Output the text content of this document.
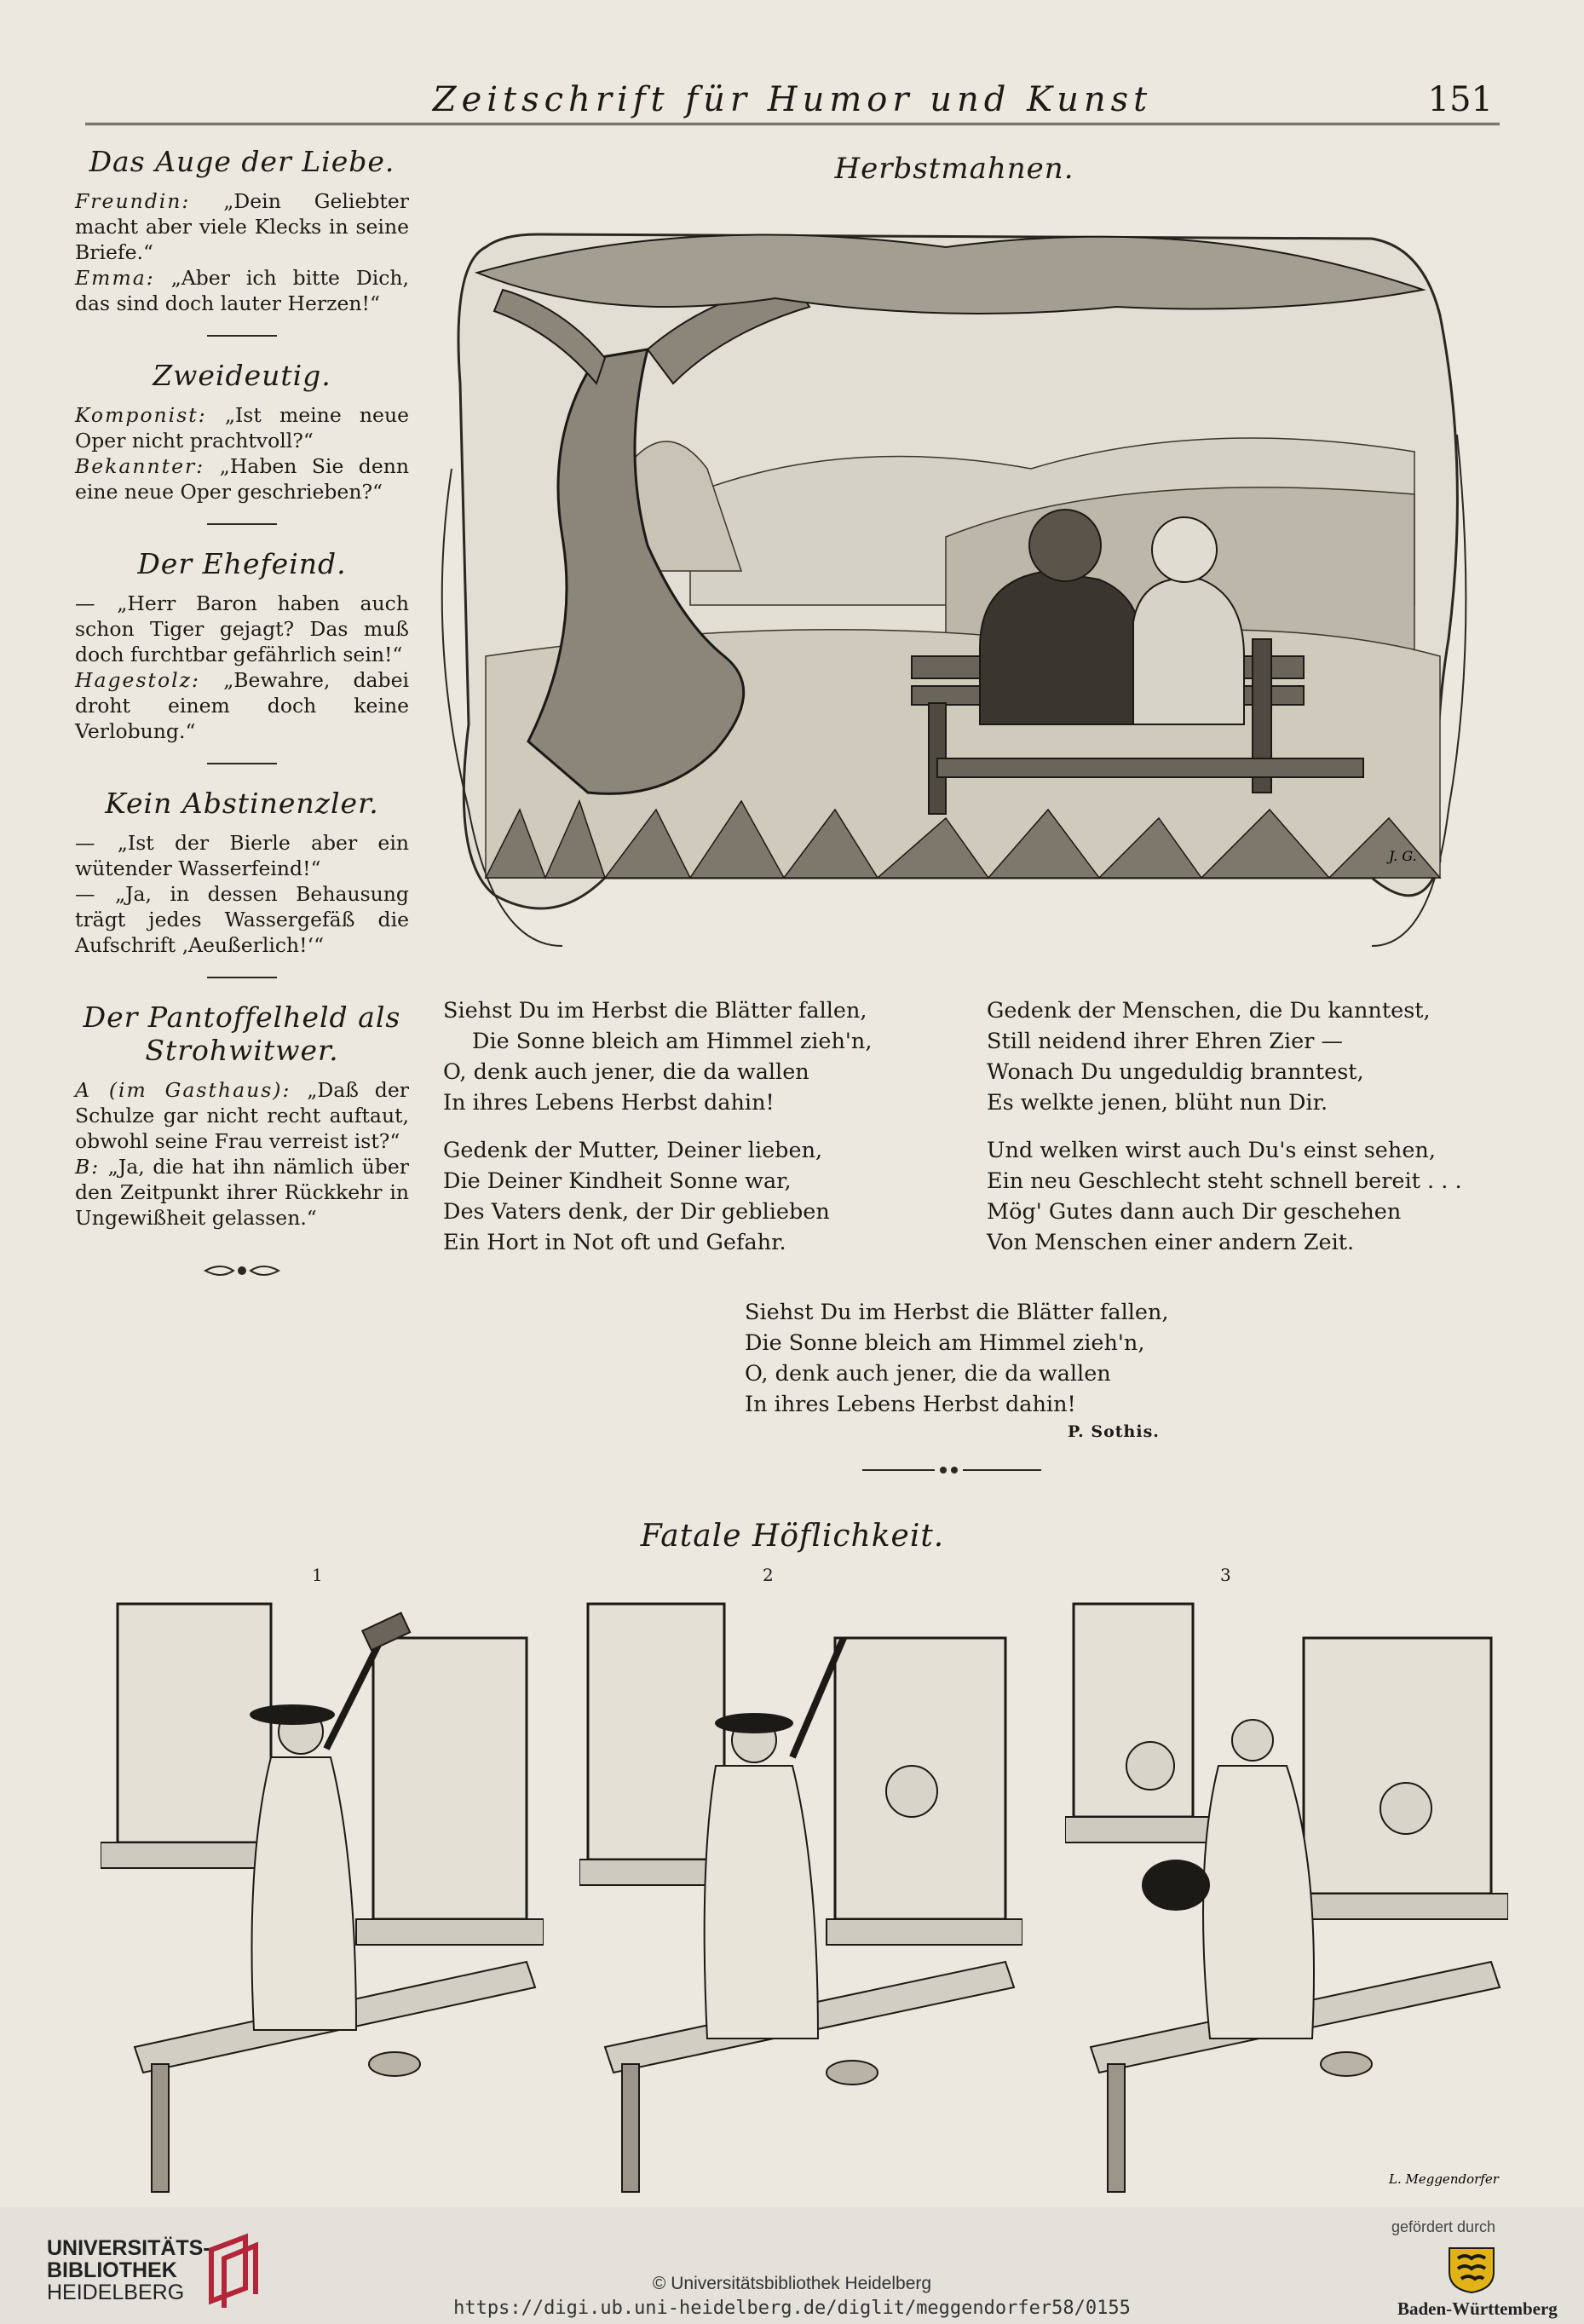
Zeitschrift für Humor und Kunst	151
Das Auge der Liebe.

Freundin: „Dein Geliebter macht aber viele Klecks in seine Briefe.“

Emma: „Aber ich bitte Dich, das sind doch lauter Herzen!“

Zweideutig.

Komponist: „Ist meine neue Oper nicht prachtvoll?“

Bekannter: „Haben Sie denn eine neue Oper geschrieben?“

Der Ehefeind.

— „Herr Baron haben auch schon Tiger gejagt? Das muß doch furchtbar gefährlich sein!“

Hagestolz: „Bewahre, dabei droht einem doch keine Verlobung.“

Kein Abstinenzler.

— „Ist der Bierle aber ein wütender Wasserfeind!“

— „Ja, in dessen Behausung trägt jedes Wassergefäß die Aufschrift ‚Aeußerlich!‘“

Der Pantoffelheld als Strohwitwer.

A (im Gasthaus): „Daß der Schulze gar nicht recht auftaut, obwohl seine Frau verreist ist?“

B: „Ja, die hat ihn nämlich über den Zeitpunkt ihrer Rückkehr in Ungewißheit gelassen.“

Herbstmahnen.
J. G.
Siehst Du im Herbst die Blätter fallen,
Die Sonne bleich am Himmel zieh'n,
O, denk auch jener, die da wallen
In ihres Lebens Herbst dahin!
Gedenk der Mutter, Deiner lieben,
Die Deiner Kindheit Sonne war,
Des Vaters denk, der Dir geblieben
Ein Hort in Not oft und Gefahr.
Gedenk der Menschen, die Du kanntest,
Still neidend ihrer Ehren Zier —
Wonach Du ungeduldig branntest,
Es welkte jenen, blüht nun Dir.
Und welken wirst auch Du's einst sehen,
Ein neu Geschlecht steht schnell bereit . . .
Mög' Gutes dann auch Dir geschehen
Von Menschen einer andern Zeit.
Siehst Du im Herbst die Blätter fallen,
Die Sonne bleich am Himmel zieh'n,
O, denk auch jener, die da wallen
In ihres Lebens Herbst dahin!
P. Sothis.
Fatale Höflichkeit.
1	2	3
L. Meggendorfer
UNIVERSITÄTS-
BIBLIOTHEK
HEIDELBERG	© Universitätsbibliothek Heidelberg
https://digi.ub.uni-heidelberg.de/diglit/meggendorfer58/0155
gefördert durch
Baden-Württemberg
